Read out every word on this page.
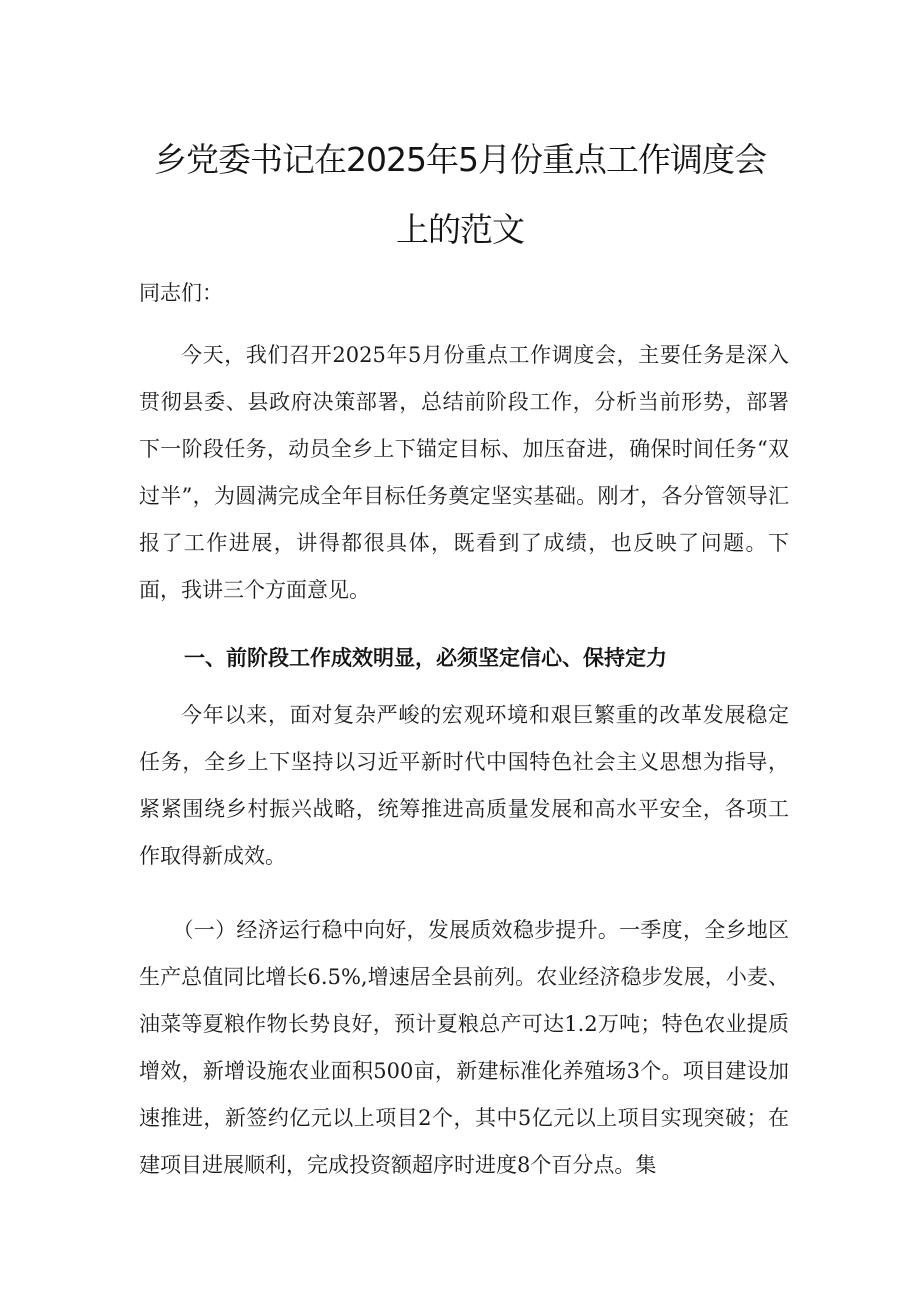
乡党委书记在2025年5月份重点工作调度会
上的范文
同志们：

今天，我们召开2025年5月份重点工作调度会，主要任务是深入贯彻县委、县政府决策部署，总结前阶段工作，分析当前形势，部署下一阶段任务，动员全乡上下锚定目标、加压奋进，确保时间任务“双过半”，为圆满完成全年目标任务奠定坚实基础。刚才，各分管领导汇报了工作进展，讲得都很具体，既看到了成绩，也反映了问题。下面，我讲三个方面意见。

一、前阶段工作成效明显，必须坚定信心、保持定力

今年以来，面对复杂严峻的宏观环境和艰巨繁重的改革发展稳定任务，全乡上下坚持以习近平新时代中国特色社会主义思想为指导，紧紧围绕乡村振兴战略，统筹推进高质量发展和高水平安全，各项工作取得新成效。

（一）经济运行稳中向好，发展质效稳步提升。一季度，全乡地区生产总值同比增长6.5%,增速居全县前列。农业经济稳步发展，小麦、油菜等夏粮作物长势良好，预计夏粮总产可达1.2万吨；特色农业提质增效，新增设施农业面积500亩，新建标准化养殖场3个。项目建设加速推进，新签约亿元以上项目2个，其中5亿元以上项目实现突破；在建项目进展顺利，完成投资额超序时进度8个百分点。集
